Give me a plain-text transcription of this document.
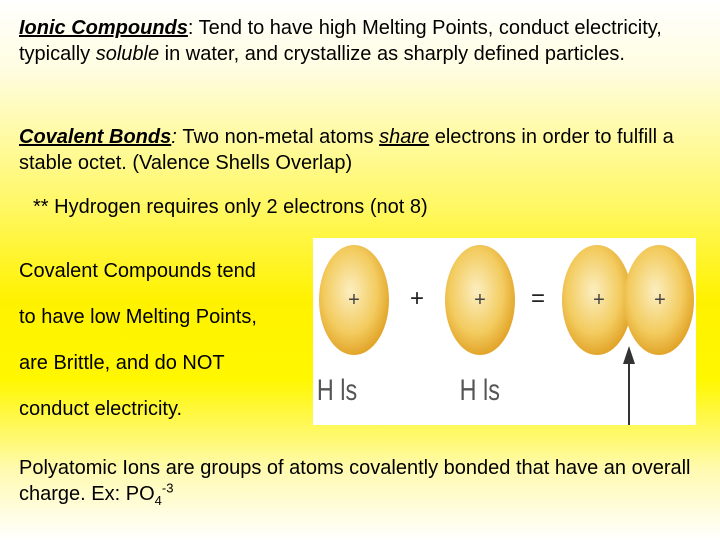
Ionic Compounds: Tend to have high Melting Points, conduct electricity, typically soluble in water, and crystallize as sharply defined particles.

Covalent Bonds: Two non-metal atoms share electrons in order to fulfill a stable octet. (Valence Shells Overlap)

** Hydrogen requires only 2 electrons (not 8)

Covalent Compounds tend
to have low Melting Points,
are Brittle, and do NOT
conduct electricity.
+ +	+ = + +
H ls	H ls

Polyatomic Ions are groups of atoms covalently bonded that have an overall charge. Ex: $PO_4^{-3}$
